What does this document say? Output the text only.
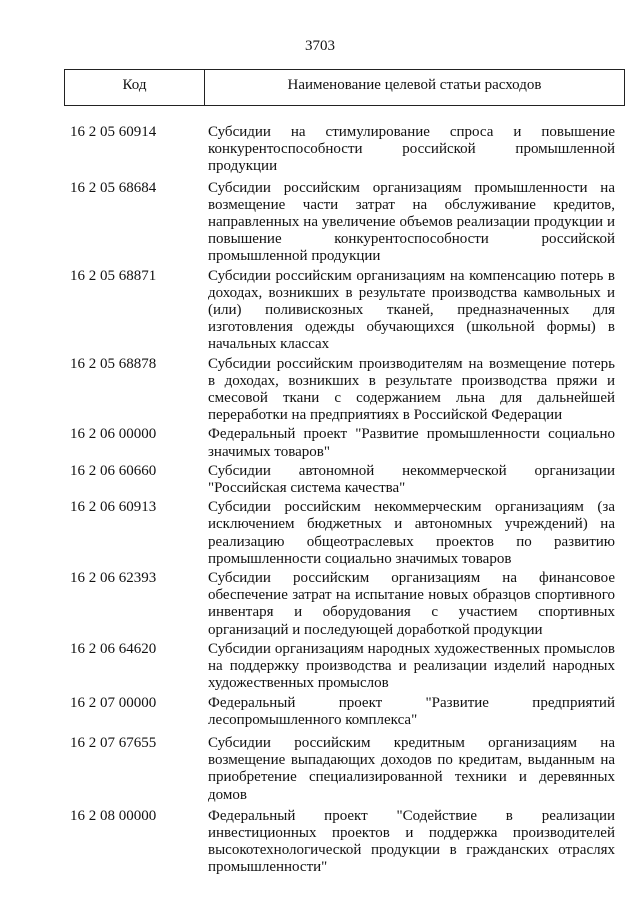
3703
Код	Наименование целевой статьи расходов
16 2 05 60914	Субсидии на стимулирование спроса и повышение конкурентоспособности российской промышленной продукции
16 2 05 68684	Субсидии российским организациям промышленности на возмещение части затрат на обслуживание кредитов, направленных на увеличение объемов реализации продукции и повышение конкурентоспособности российской промышленной продукции
16 2 05 68871	Субсидии российским организациям на компенсацию потерь в доходах, возникших в результате производства камвольных и (или) поливискозных тканей, предназначенных для изготовления одежды обучающихся (школьной формы) в начальных классах
16 2 05 68878	Субсидии российским производителям на возмещение потерь в доходах, возникших в результате производства пряжи и смесовой ткани с содержанием льна для дальнейшей переработки на предприятиях в Российской Федерации
16 2 06 00000	Федеральный проект "Развитие промышленности социально значимых товаров"
16 2 06 60660	Субсидии автономной некоммерческой организации "Российская система качества"
16 2 06 60913	Субсидии российским некоммерческим организациям (за исключением бюджетных и автономных учреждений) на реализацию общеотраслевых проектов по развитию промышленности социально значимых товаров
16 2 06 62393	Субсидии российским организациям на финансовое обеспечение затрат на испытание новых образцов спортивного инвентаря и оборудования с участием спортивных организаций и последующей доработкой продукции
16 2 06 64620	Субсидии организациям народных художественных промыслов на поддержку производства и реализации изделий народных художественных промыслов
16 2 07 00000	Федеральный проект "Развитие предприятий лесопромышленного комплекса"
16 2 07 67655	Субсидии российским кредитным организациям на возмещение выпадающих доходов по кредитам, выданным на приобретение специализированной техники и деревянных домов
16 2 08 00000	Федеральный проект "Содействие в реализации инвестиционных проектов и поддержка производителей высокотехнологической продукции в гражданских отраслях промышленности"
